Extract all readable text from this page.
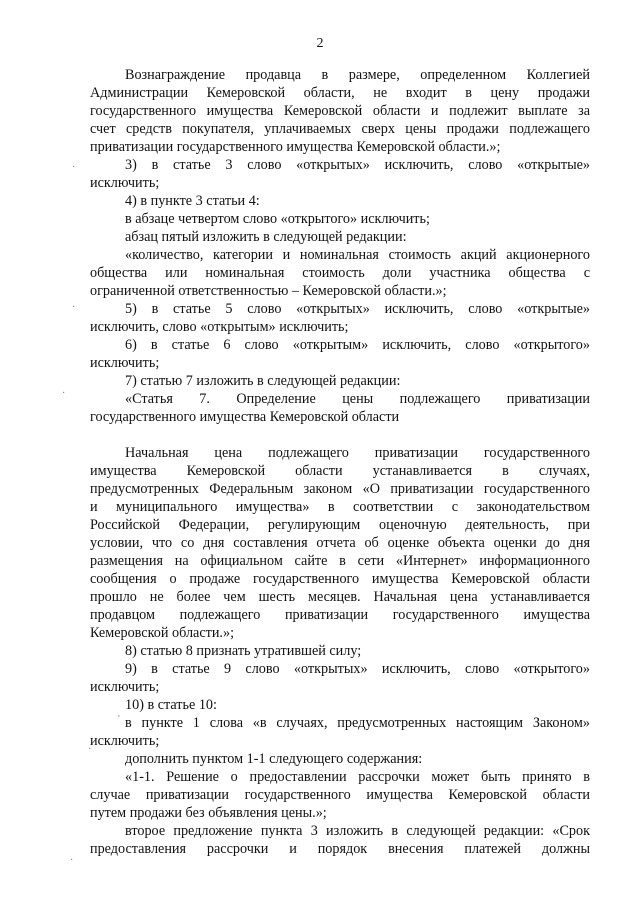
2
Вознаграждение продавца в размере, определенном Коллегией
Администрации Кемеровской области, не входит в цену продажи
государственного имущества Кемеровской области и подлежит выплате за
счет средств покупателя, уплачиваемых сверх цены продажи подлежащего
приватизации государственного имущества Кемеровской области.»;
3) в статье 3 слово «открытых» исключить, слово «открытые»
исключить;
4) в пункте 3 статьи 4:
в абзаце четвертом слово «открытого» исключить;
абзац пятый изложить в следующей редакции:
«количество, категории и номинальная стоимость акций акционерного
общества или номинальная стоимость доли участника общества с
ограниченной ответственностью – Кемеровской области.»;
5) в статье 5 слово «открытых» исключить, слово «открытые»
исключить, слово «открытым» исключить;
6) в статье 6 слово «открытым» исключить, слово «открытого»
исключить;
7) статью 7 изложить в следующей редакции:
«Статья 7. Определение цены подлежащего приватизации
государственного имущества Кемеровской области
Начальная цена подлежащего приватизации государственного
имущества Кемеровской области устанавливается в случаях,
предусмотренных Федеральным законом «О приватизации государственного
и муниципального имущества» в соответствии с законодательством
Российской Федерации, регулирующим оценочную деятельность, при
условии, что со дня составления отчета об оценке объекта оценки до дня
размещения на официальном сайте в сети «Интернет» информационного
сообщения о продаже государственного имущества Кемеровской области
прошло не более чем шесть месяцев. Начальная цена устанавливается
продавцом подлежащего приватизации государственного имущества
Кемеровской области.»;
8) статью 8 признать утратившей силу;
9) в статье 9 слово «открытых» исключить, слово «открытого»
исключить;
10) в статье 10:
в пункте 1 слова «в случаях, предусмотренных настоящим Законом»
исключить;
дополнить пунктом 1-1 следующего содержания:
«1-1. Решение о предоставлении рассрочки может быть принято в
случае приватизации государственного имущества Кемеровской области
путем продажи без объявления цены.»;
второе предложение пункта 3 изложить в следующей редакции: «Срок
предоставления рассрочки и порядок внесения платежей должны
·
·
·
·
·
'
